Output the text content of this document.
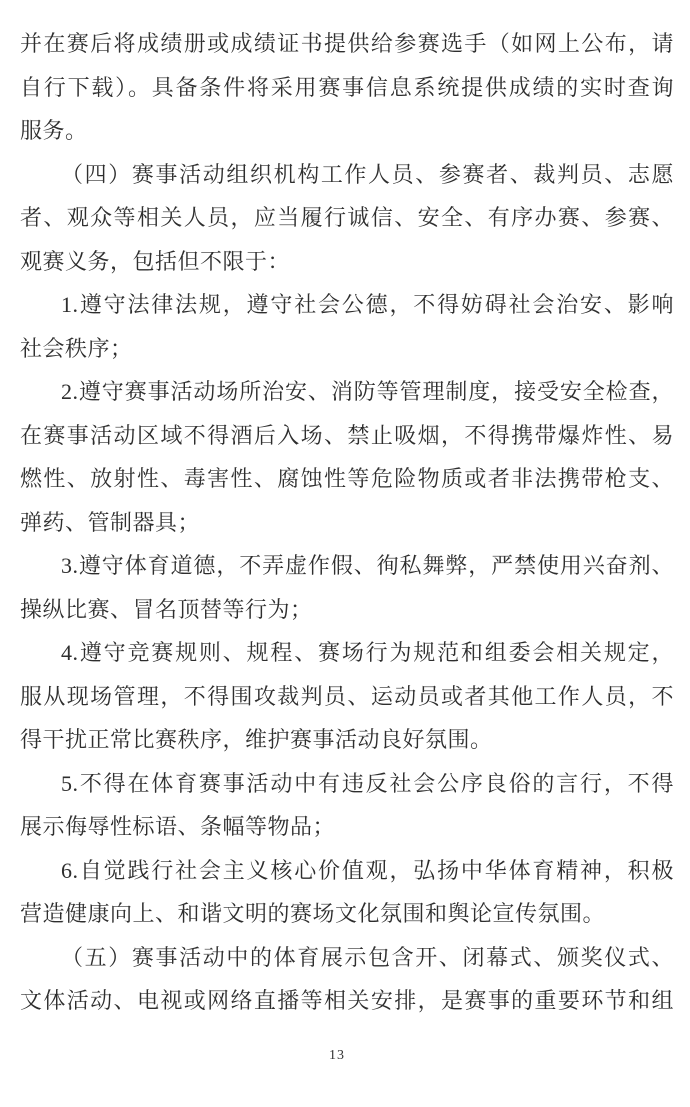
并在赛后将成绩册或成绩证书提供给参赛选手（如网上公布，请
自行下载）。具备条件将采用赛事信息系统提供成绩的实时查询
服务。
（四）赛事活动组织机构工作人员、参赛者、裁判员、志愿
者、观众等相关人员，应当履行诚信、安全、有序办赛、参赛、
观赛义务，包括但不限于：
1.遵守法律法规，遵守社会公德，不得妨碍社会治安、影响
社会秩序；
2.遵守赛事活动场所治安、消防等管理制度，接受安全检查，
在赛事活动区域不得酒后入场、禁止吸烟，不得携带爆炸性、易
燃性、放射性、毒害性、腐蚀性等危险物质或者非法携带枪支、
弹药、管制器具；
3.遵守体育道德，不弄虚作假、徇私舞弊，严禁使用兴奋剂、
操纵比赛、冒名顶替等行为；
4.遵守竞赛规则、规程、赛场行为规范和组委会相关规定，
服从现场管理，不得围攻裁判员、运动员或者其他工作人员，不
得干扰正常比赛秩序，维护赛事活动良好氛围。
5.不得在体育赛事活动中有违反社会公序良俗的言行，不得
展示侮辱性标语、条幅等物品；
6.自觉践行社会主义核心价值观，弘扬中华体育精神，积极
营造健康向上、和谐文明的赛场文化氛围和舆论宣传氛围。
（五）赛事活动中的体育展示包含开、闭幕式、颁奖仪式、
文体活动、电视或网络直播等相关安排，是赛事的重要环节和组
13
